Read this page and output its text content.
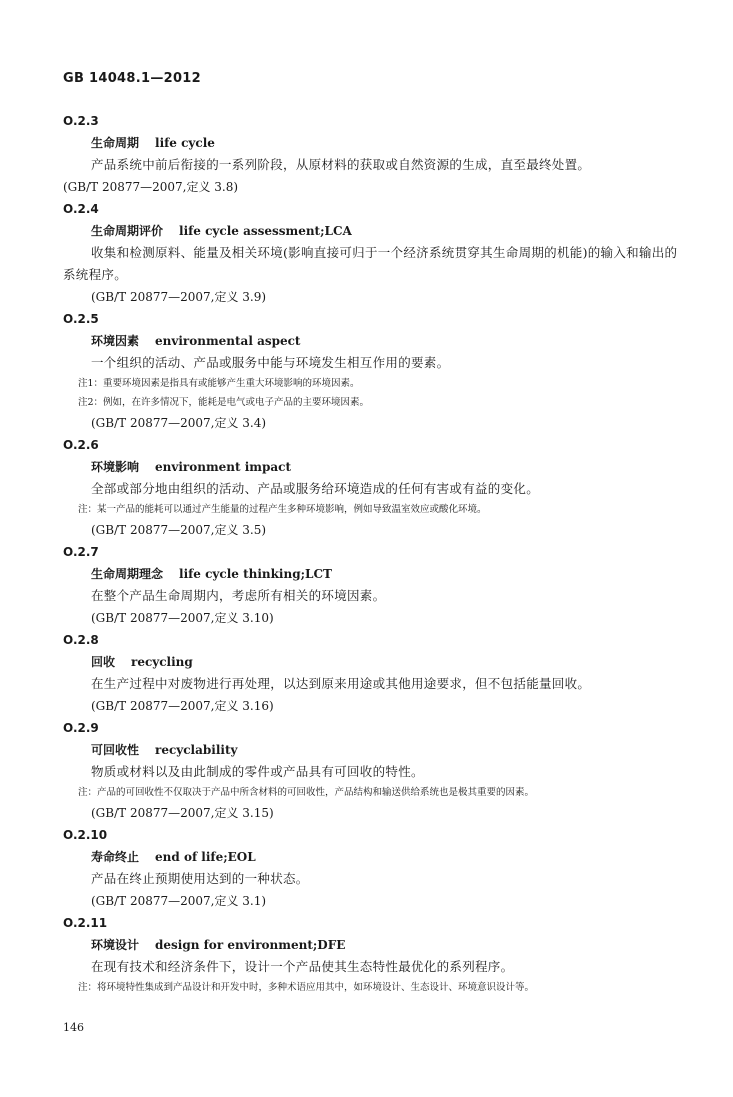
GB 14048.1—2012
O.2.3
生命周期 life cycle
产品系统中前后衔接的一系列阶段，从原材料的获取或自然资源的生成，直至最终处置。
(GB/T 20877—2007,定义 3.8)
O.2.4
生命周期评价 life cycle assessment;LCA
收集和检测原料、能量及相关环境(影响直接可归于一个经济系统贯穿其生命周期的机能)的输入和输出的系统程序。
(GB/T 20877—2007,定义 3.9)
O.2.5
环境因素 environmental aspect
一个组织的活动、产品或服务中能与环境发生相互作用的要素。
注1：重要环境因素是指具有或能够产生重大环境影响的环境因素。
注2：例如，在许多情况下，能耗是电气或电子产品的主要环境因素。
(GB/T 20877—2007,定义 3.4)
O.2.6
环境影响 environment impact
全部或部分地由组织的活动、产品或服务给环境造成的任何有害或有益的变化。
注：某一产品的能耗可以通过产生能量的过程产生多种环境影响，例如导致温室效应或酸化环境。
(GB/T 20877—2007,定义 3.5)
O.2.7
生命周期理念 life cycle thinking;LCT
在整个产品生命周期内，考虑所有相关的环境因素。
(GB/T 20877—2007,定义 3.10)
O.2.8
回收 recycling
在生产过程中对废物进行再处理，以达到原来用途或其他用途要求，但不包括能量回收。
(GB/T 20877—2007,定义 3.16)
O.2.9
可回收性 recyclability
物质或材料以及由此制成的零件或产品具有可回收的特性。
注：产品的可回收性不仅取决于产品中所含材料的可回收性，产品结构和输送供给系统也是极其重要的因素。
(GB/T 20877—2007,定义 3.15)
O.2.10
寿命终止 end of life;EOL
产品在终止预期使用达到的一种状态。
(GB/T 20877—2007,定义 3.1)
O.2.11
环境设计 design for environment;DFE
在现有技术和经济条件下，设计一个产品使其生态特性最优化的系列程序。
注：将环境特性集成到产品设计和开发中时，多种术语应用其中，如环境设计、生态设计、环境意识设计等。
146
